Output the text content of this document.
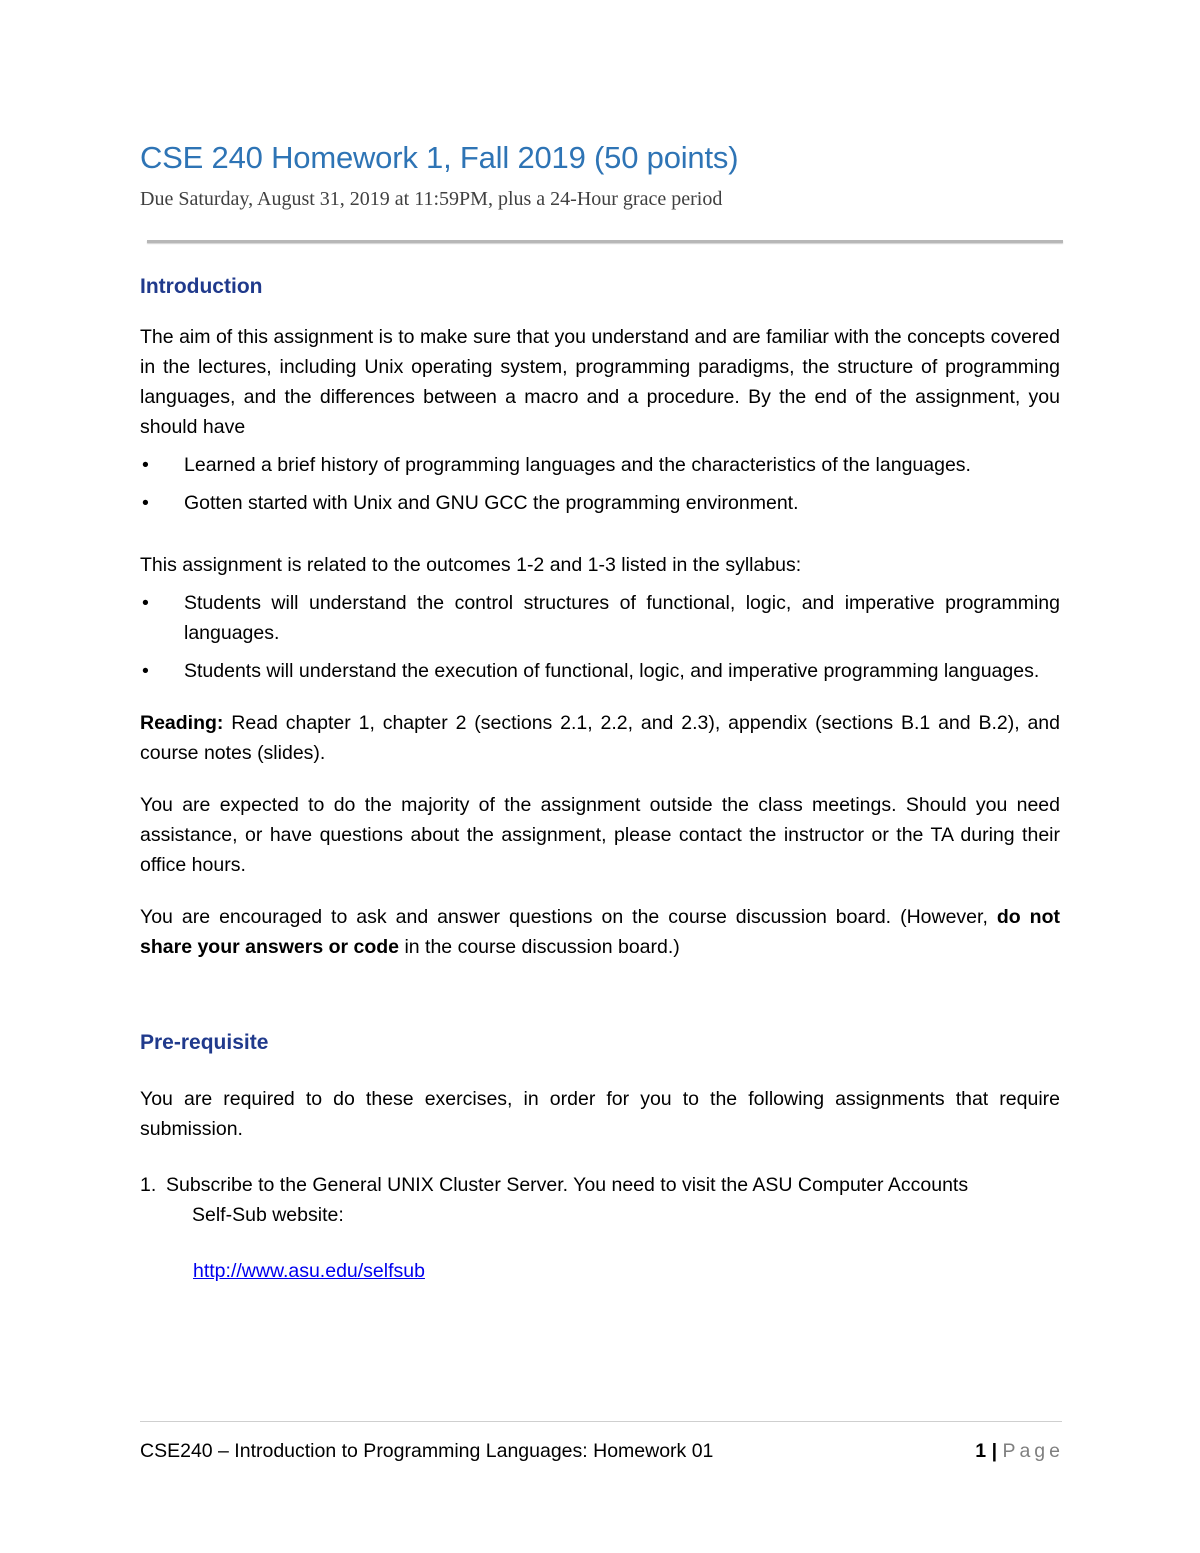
CSE 240 Homework 1, Fall 2019 (50 points)
Due Saturday, August 31, 2019 at 11:59PM, plus a 24-Hour grace period
Introduction

The aim of this assignment is to make sure that you understand and are familiar with the concepts covered in the lectures, including Unix operating system, programming paradigms, the structure of programming languages, and the differences between a macro and a procedure. By the end of the assignment, you should have

• Learned a brief history of programming languages and the characteristics of the languages.
• Gotten started with Unix and GNU GCC the programming environment.

This assignment is related to the outcomes 1-2 and 1-3 listed in the syllabus:

• Students will understand the control structures of functional, logic, and imperative programming languages.
• Students will understand the execution of functional, logic, and imperative programming languages.

Reading: Read chapter 1, chapter 2 (sections 2.1, 2.2, and 2.3), appendix (sections B.1 and B.2), and course notes (slides).

You are expected to do the majority of the assignment outside the class meetings. Should you need assistance, or have questions about the assignment, please contact the instructor or the TA during their office hours.

You are encouraged to ask and answer questions on the course discussion board. (However, do not share your answers or code in the course discussion board.)

Pre-requisite

You are required to do these exercises, in order for you to the following assignments that require submission.

1. Subscribe to the General UNIX Cluster Server. You need to visit the ASU Computer Accounts
Self-Sub website:
http://www.asu.edu/selfsub
CSE240 – Introduction to Programming Languages: Homework 01	1 | Page
